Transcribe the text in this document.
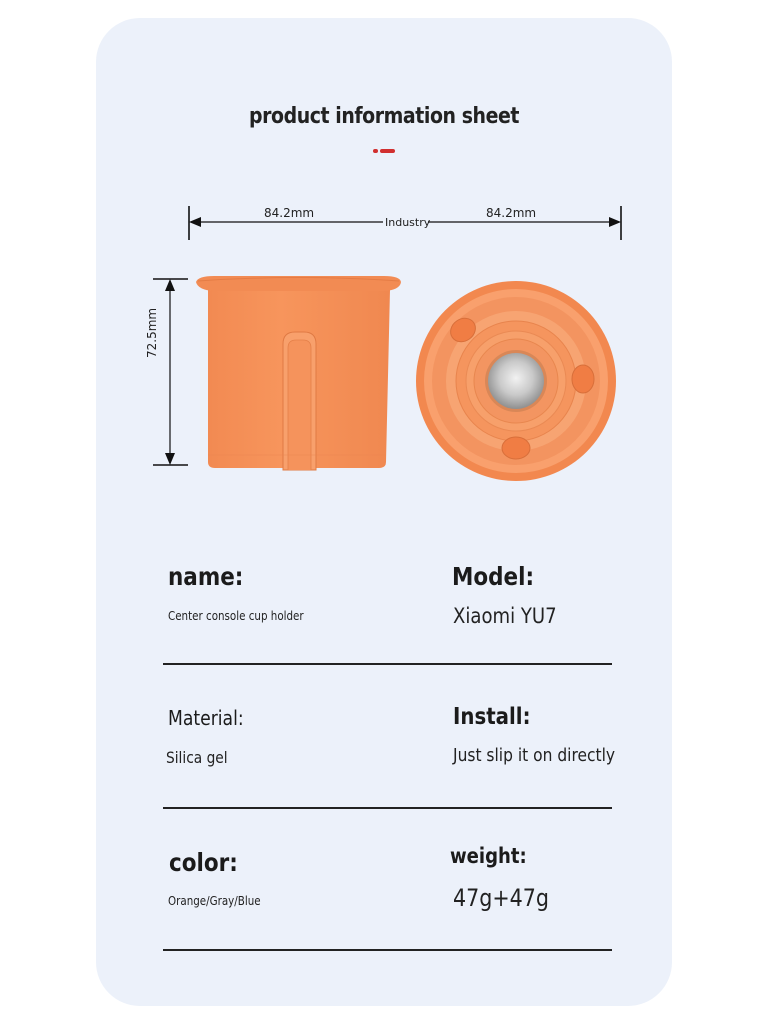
product information sheet
84.2mm	84.2mm
Industry
72.5mm
name:
Center console cup holder
Model:
Xiaomi YU7
Material:
Silica gel
Install:
Just slip it on directly
color:
Orange/Gray/Blue
weight:
47g+47g
